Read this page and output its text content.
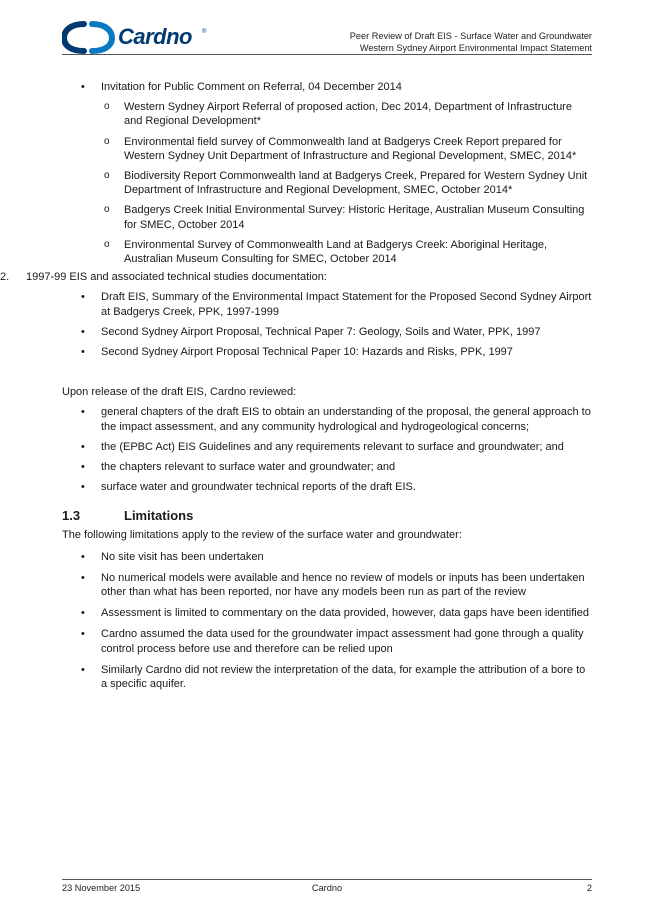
Cardno ®	Peer Review of Draft EIS - Surface Water and Groundwater
Western Sydney Airport Environmental Impact Statement
• Invitation for Public Comment on Referral, 04 December 2014
o Western Sydney Airport Referral of proposed action, Dec 2014, Department of Infrastructure and Regional Development*
o Environmental field survey of Commonwealth land at Badgerys Creek Report prepared for Western Sydney Unit Department of Infrastructure and Regional Development, SMEC, 2014*
o Biodiversity Report Commonwealth land at Badgerys Creek, Prepared for Western Sydney Unit Department of Infrastructure and Regional Development, SMEC, October 2014*
o Badgerys Creek Initial Environmental Survey: Historic Heritage, Australian Museum Consulting for SMEC, October 2014
o Environmental Survey of Commonwealth Land at Badgerys Creek: Aboriginal Heritage, Australian Museum Consulting for SMEC, October 2014
2. 1997-99 EIS and associated technical studies documentation:
• Draft EIS, Summary of the Environmental Impact Statement for the Proposed Second Sydney Airport at Badgerys Creek, PPK, 1997-1999
• Second Sydney Airport Proposal, Technical Paper 7: Geology, Soils and Water, PPK, 1997
• Second Sydney Airport Proposal Technical Paper 10: Hazards and Risks, PPK, 1997
Upon release of the draft EIS, Cardno reviewed:
• general chapters of the draft EIS to obtain an understanding of the proposal, the general approach to the impact assessment, and any community hydrological and hydrogeological concerns;
• the (EPBC Act) EIS Guidelines and any requirements relevant to surface and groundwater; and
• the chapters relevant to surface water and groundwater; and
• surface water and groundwater technical reports of the draft EIS.
1.3	Limitations
The following limitations apply to the review of the surface water and groundwater:
• No site visit has been undertaken
• No numerical models were available and hence no review of models or inputs has been undertaken other than what has been reported, nor have any models been run as part of the review
• Assessment is limited to commentary on the data provided, however, data gaps have been identified
• Cardno assumed the data used for the groundwater impact assessment had gone through a quality control process before use and therefore can be relied upon
• Similarly Cardno did not review the interpretation of the data, for example the attribution of a bore to a specific aquifer.
23 November 2015	Cardno	2
